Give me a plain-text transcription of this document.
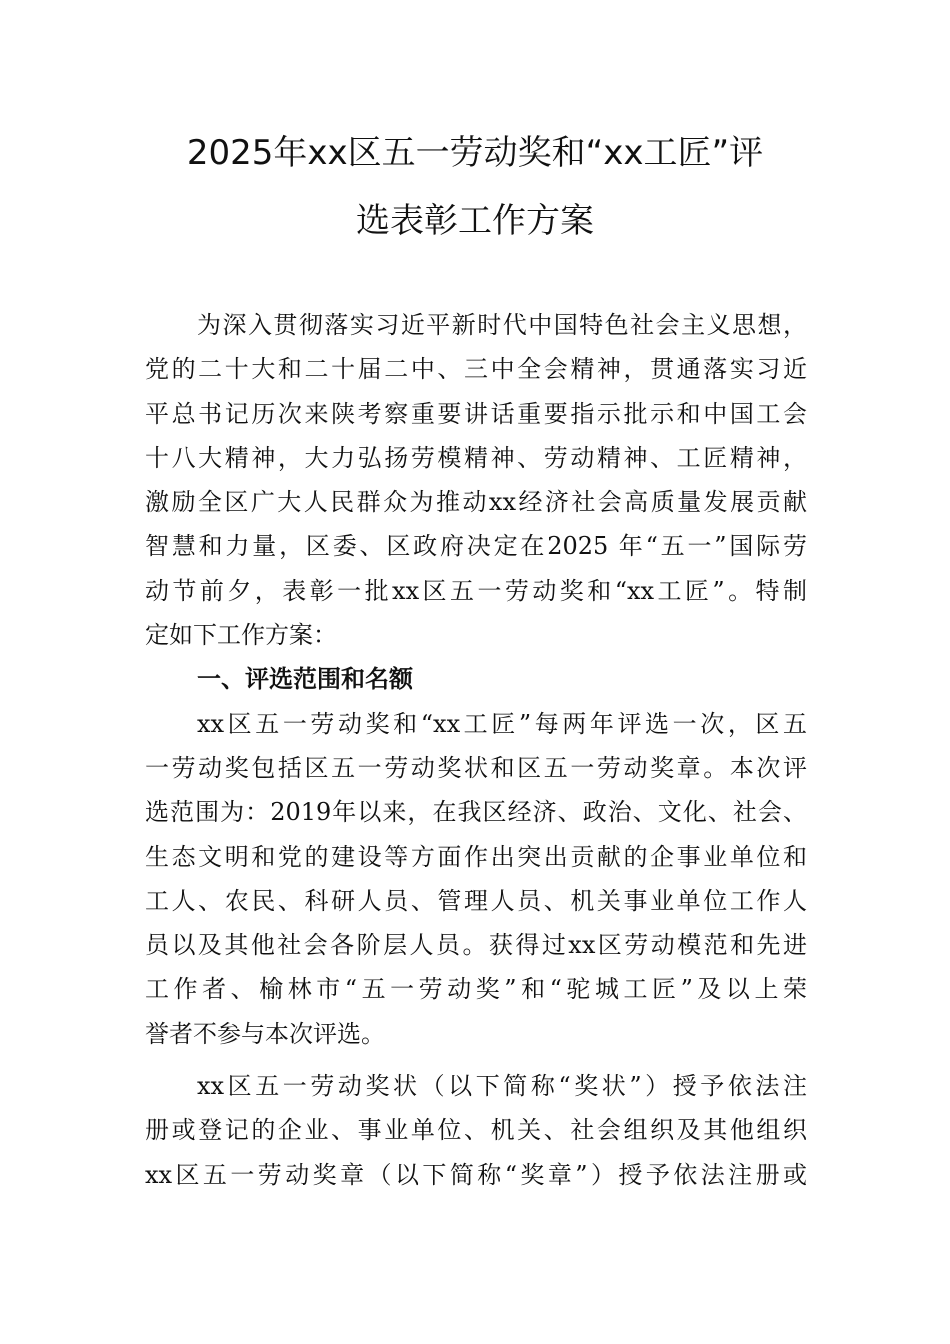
2025年xx区五一劳动奖和“xx工匠”评
选表彰工作方案
为深入贯彻落实习近平新时代中国特色社会主义思想，
党的二十大和二十届二中、三中全会精神，贯通落实习近
平总书记历次来陕考察重要讲话重要指示批示和中国工会
十八大精神，大力弘扬劳模精神、劳动精神、工匠精神，
激励全区广大人民群众为推动xx经济社会高质量发展贡献
智慧和力量，区委、区政府决定在2025 年“五一”国际劳
动节前夕，表彰一批xx区五一劳动奖和“xx工匠”。特制
定如下工作方案：
一、评选范围和名额
xx区五一劳动奖和“xx工匠”每两年评选一次，区五
一劳动奖包括区五一劳动奖状和区五一劳动奖章。本次评
选范围为：2019年以来，在我区经济、政治、文化、社会、
生态文明和党的建设等方面作出突出贡献的企事业单位和
工人、农民、科研人员、管理人员、机关事业单位工作人
员以及其他社会各阶层人员。获得过xx区劳动模范和先进
工作者、榆林市“五一劳动奖”和“驼城工匠”及以上荣
誉者不参与本次评选。
xx区五一劳动奖状（以下简称“奖状”）授予依法注
册或登记的企业、事业单位、机关、社会组织及其他组织
xx区五一劳动奖章（以下简称“奖章”）授予依法注册或
